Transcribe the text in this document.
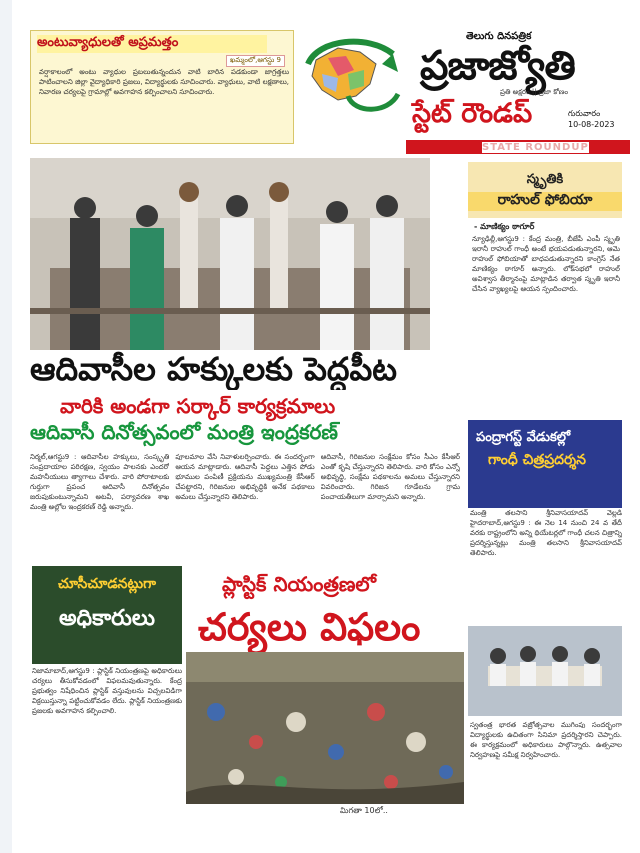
అంటువ్యాధులతో అప్రమత్తం
ఖమ్మంలో,ఆగస్టు 9
వర్షాకాలంలో అంటు వ్యాధుల ప్రబలుతున్నందున వాటి బారిన పడకుండా జాగ్రత్తలు పాటించాలని జిల్లా వైద్యాధికారి ప్రజలు, విద్యార్థులకు సూచించారు. వ్యాధులు, వాటి లక్షణాలు, నివారణ చర్యలపై గ్రామాల్లో అవగాహన కల్పించాలని సూచించారు.
తెలుగు దినపత్రిక
ప్రజాజ్యోతి
ప్రతి అక్షరం || ప్రజా కోణం
స్టేట్ రౌండప్	గురువారం
10-08-2023
STATE ROUNDUP
ఆదివాసీల హక్కులకు పెద్దపీట
వారికి అండగా సర్కార్ కార్యక్రమాలు
ఆదివాసీ దినోత్సవంలో మంత్రి ఇంద్రకరణ్
నిర్మల్,ఆగస్టు9 : ఆదివాసీల హక్కులు, సంస్కృతి సంప్రదాయాల పరిరక్షణ, స్వయం పాలనకు ఎందరో మహనీయులు త్యాగాలు చేశారు. వారి పోరాటాలకు గుర్తుగా ప్రపంచ ఆదివాసీ దినోత్సవం జరుపుకుంటున్నామని అటవీ, పర్యావరణ శాఖ మంత్రి అల్లోల ఇంద్రకరణ్ రెడ్డి అన్నారు.
పూలమాల వేసి నివాళులర్పించారు. ఈ సందర్భంగా ఆయన మాట్లాడారు. ఆదివాసీ పెద్దలు ఎత్తిన పోడు భూముల పంపిణీ ప్రక్రియను ముఖ్యమంత్రి కేసీఆర్ చేపట్టారని, గిరిజనుల అభివృద్ధికి అనేక పథకాలు అమలు చేస్తున్నారని తెలిపారు.
ఆదివాసీ, గిరిజనుల సంక్షేమం కోసం సీఎం కేసీఆర్ ఎంతో కృషి చేస్తున్నారని తెలిపారు. వారి కోసం ఎన్నో అభివృద్ధి, సంక్షేమ పథకాలను అమలు చేస్తున్నారని వివరించారు. గిరిజన గూడేలను గ్రామ పంచాయతీలుగా మార్చామని అన్నారు.
స్మృతికి
రాహుల్ ఫోబియా
- మాణిక్యం ఠాగూర్
న్యూఢిల్లీ,ఆగస్టు9 : కేంద్ర మంత్రి, బీజేపీ ఎంపీ స్మృతి ఇరానీ రాహుల్ గాంధీ అంటే భయపడుతున్నారని, ఆమె రాహుల్ ఫోబియాతో బాధపడుతున్నారని కాంగ్రెస్ నేత మాణిక్యం ఠాగూర్ అన్నారు. లోక్‌సభలో రాహుల్ అవిశ్వాస తీర్మానంపై మాట్లాడిన తర్వాత స్మృతి ఇరానీ చేసిన వ్యాఖ్యలపై ఆయన స్పందించారు.
పంద్రాగస్ట్ వేడుకల్లో
గాంధీ చిత్రప్రదర్శన
మంత్రి తలసాని శ్రీనివాసయాదవ్ వెల్లడి హైదరాబాద్,ఆగస్టు9 : ఈ నెల 14 నుంచి 24 వ తేదీ వరకు రాష్ట్రంలోని అన్ని థియేటర్లలో గాంధీ చలన చిత్రాన్ని ప్రదర్శిస్తున్నట్లు మంత్రి తలసాని శ్రీనివాసయాదవ్ తెలిపారు.
స్వతంత్ర భారత వజ్రోత్సవాల ముగింపు సందర్భంగా విద్యార్థులకు ఉచితంగా సినిమా ప్రదర్శిస్తారని చెప్పారు. ఈ కార్యక్రమంలో అధికారులు పాల్గొన్నారు. ఉత్సవాల నిర్వహణపై సమీక్ష నిర్వహించారు.
చూసీచూడనట్లుగా
అధికారులు
ప్లాస్టిక్ నియంత్రణలో
చర్యలు విఫలం
నిజామాబాద్,ఆగస్టు9 : ప్లాస్టిక్ నియంత్రణపై అధికారులు చర్యలు తీసుకోవడంలో విఫలమవుతున్నారు. కేంద్ర ప్రభుత్వం నిషేధించిన ప్లాస్టిక్ వస్తువులను విచ్చలవిడిగా విక్రయిస్తున్నా పట్టించుకోవడం లేదు. ప్లాస్టిక్ నియంత్రణకు ప్రజలకు అవగాహన కల్పించాలి.
మిగతా 10లో..
